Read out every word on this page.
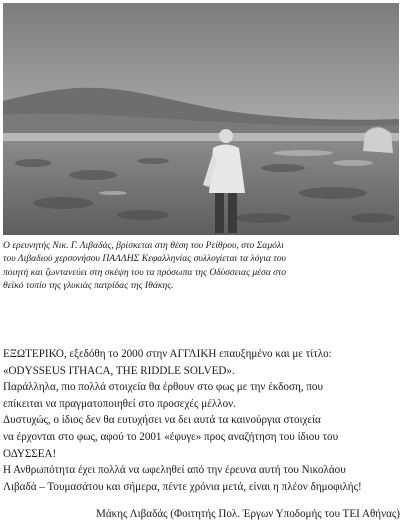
Ο ερευνητής Νικ. Γ. Λιβαδάς, βρίσκεται στη θέση του Ρείθρου, στο Σαμόλι
του Λιβαδιού χερσονήσου ΠΑΛΛΗΣ Κεφαλληνίας συλλογίεται τα λόγια του
ποιητή και ζωντανεύει στη σκέψη του τα πρόσωπα της Οδύσσειας μέσα στο
θεϊκό τοπίο της γλυκιάς πατρίδας της Ιθάκης.

ΕΞΩΤΕΡΙΚΟ, εξεδόθη το 2000 στην ΑΓΓΛΙΚΗ επαυξημένο και με τίτλο:
«ODYSSEUS ITHACA, THE RIDDLE SOLVED».

Παράλληλα, πιο πολλά στοιχεία θα έρθουν στο φως με την έκδοση, που
επίκειται να πραγματοποιηθεί στο προσεχές μέλλον.

Δυστυχώς, ο ίδιος δεν θα ευτυχήσει να δει αυτά τα καινούργια στοιχεία
να έρχονται στο φως, αφού το 2001 «έφυγε» προς αναζήτηση του ίδιου του
ΟΔΥΣΣΕΑ!

Η Ανθρωπότητα έχει πολλά να ωφεληθεί από την έρευνα αυτή του Νικολάου
Λιβαδά – Τουμασάτου και σήμερα, πέντε χρόνια μετά, είναι η πλέον δημοφιλής!

Μάκης Λιβαδάς (Φοιτητής Πολ. Έργων Υποδομής του ΤΕΙ Αθήνας)
